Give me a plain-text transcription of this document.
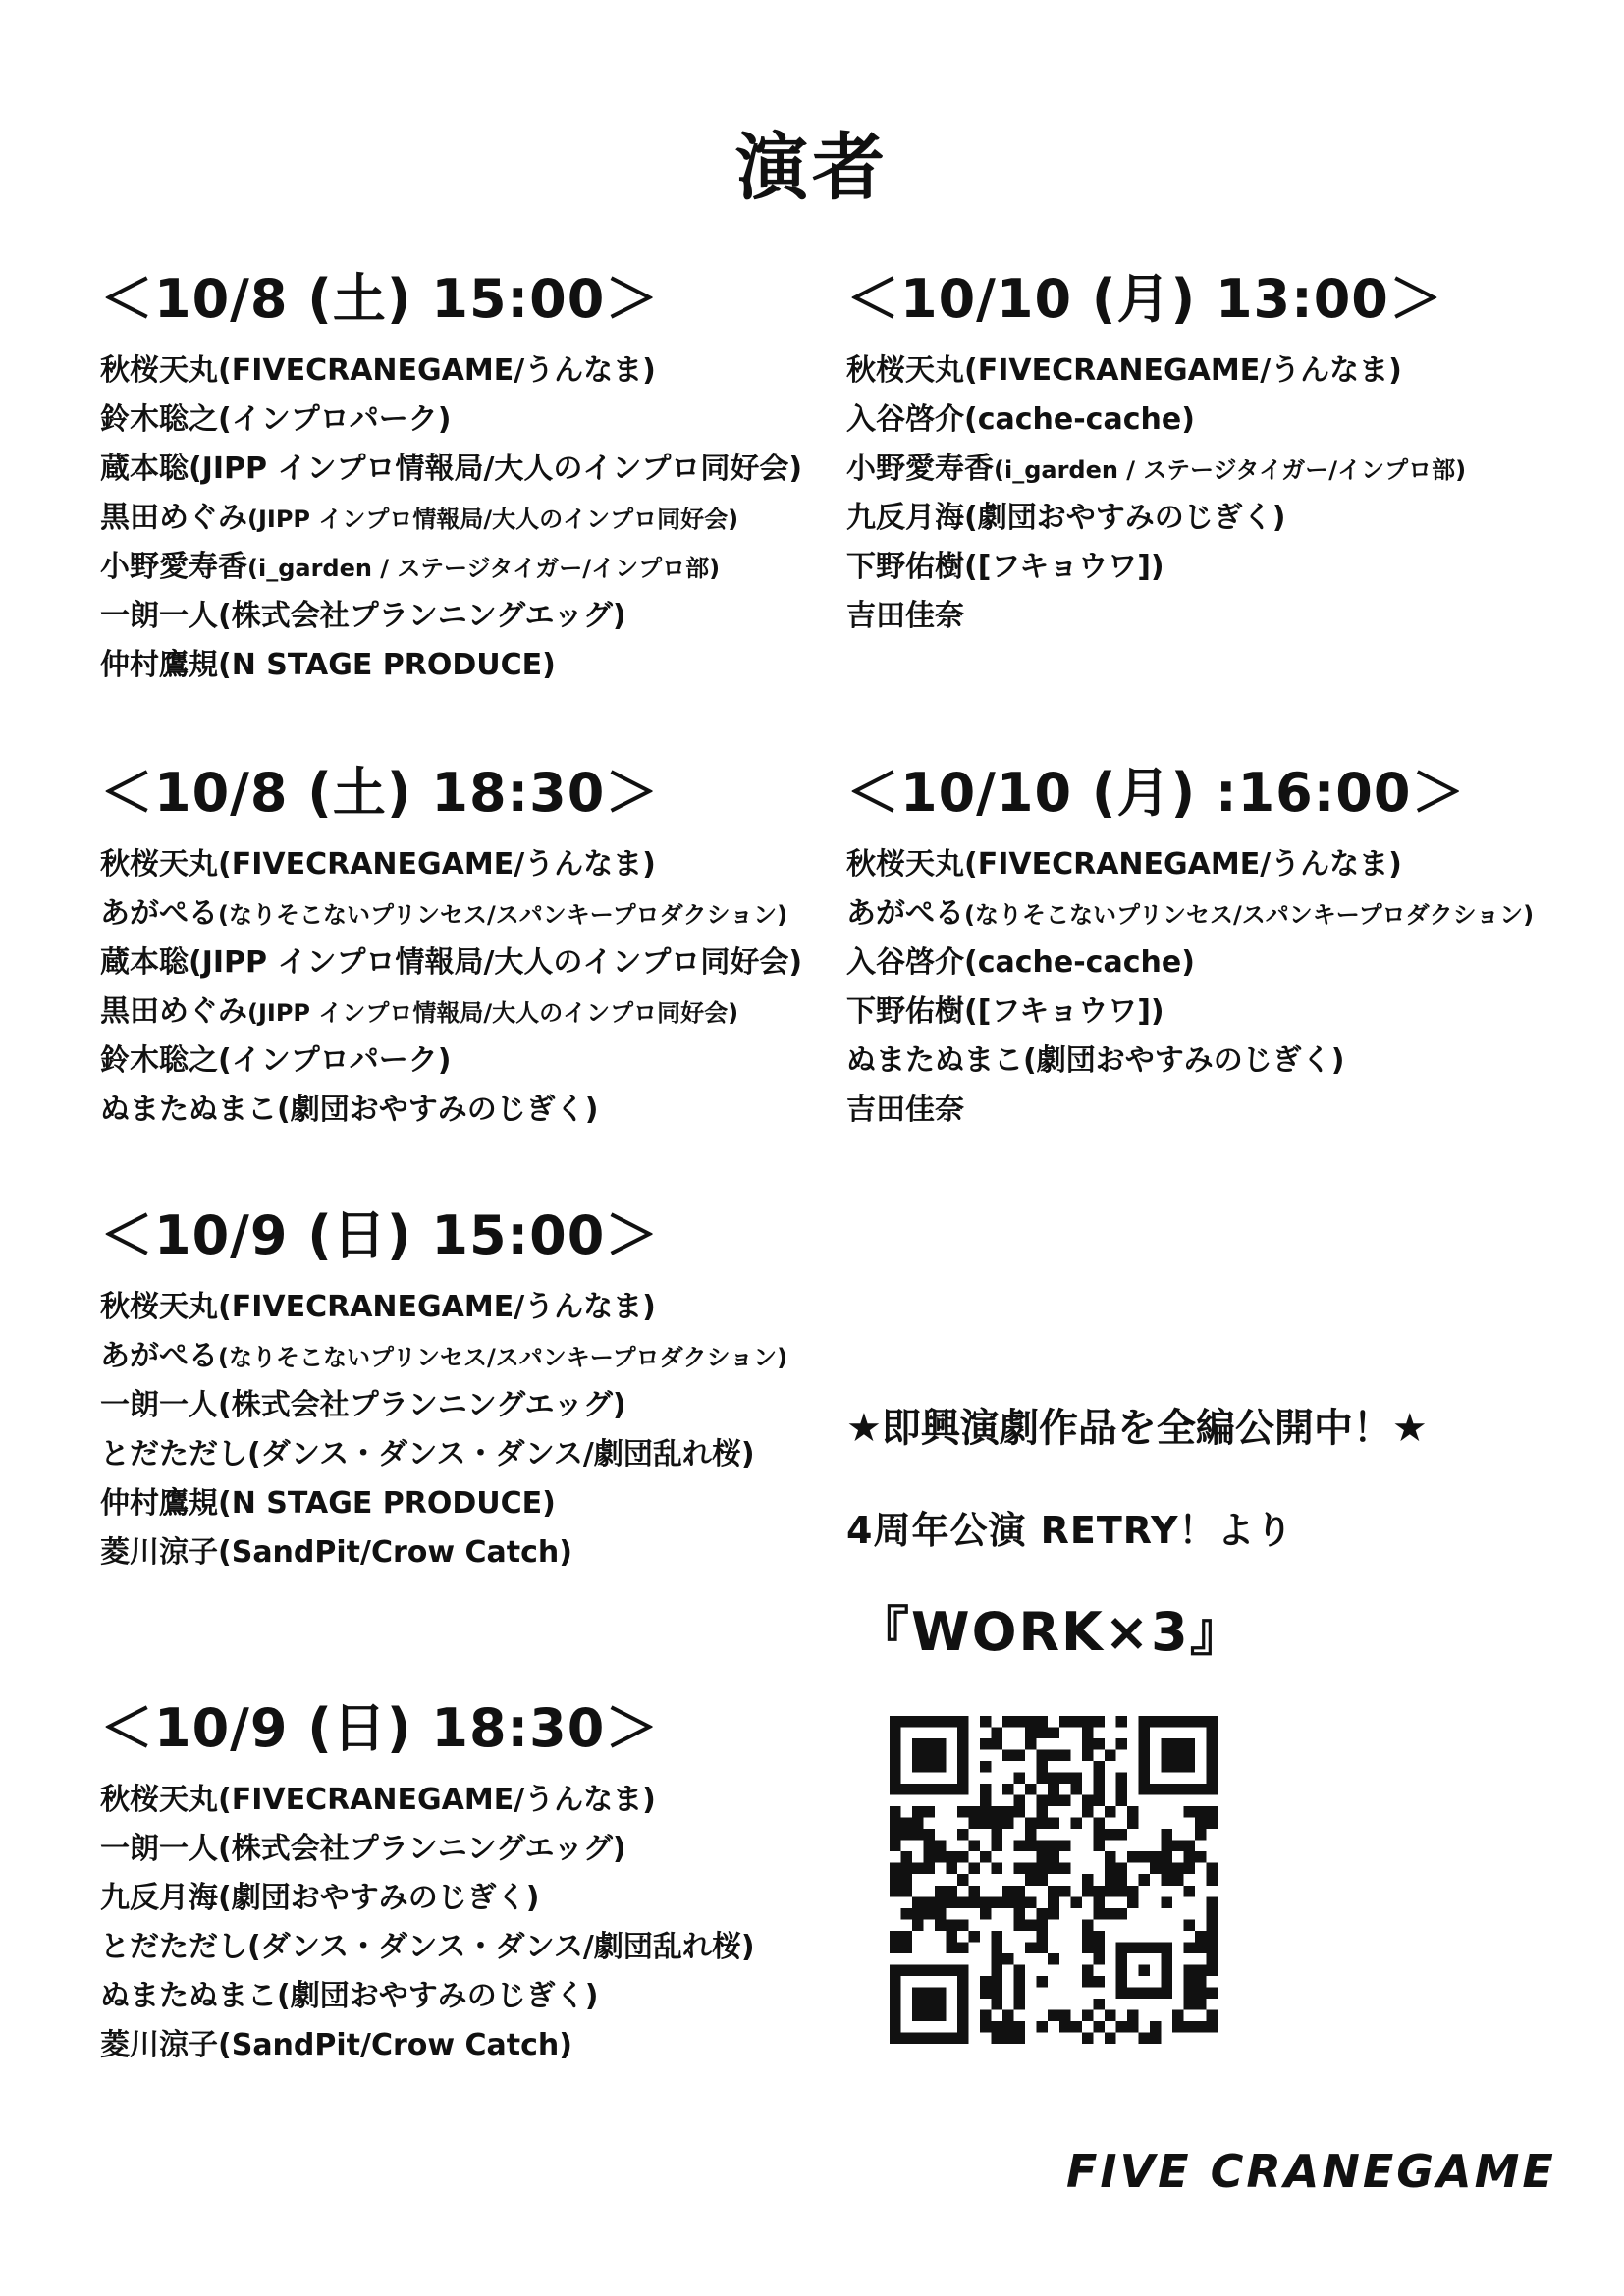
演者
＜10/8 (土) 15:00＞
秋桜天丸(FIVECRANEGAME/うんなま)
鈴木聡之(インプロパーク)
蔵本聡(JIPP インプロ情報局/大人のインプロ同好会)
黒田めぐみ(JIPP インプロ情報局/大人のインプロ同好会)
小野愛寿香(i_garden / ステージタイガー/インプロ部)
一朗一人(株式会社プランニングエッグ)
仲村鷹規(N STAGE PRODUCE)
＜10/10 (月) 13:00＞
秋桜天丸(FIVECRANEGAME/うんなま)
入谷啓介(cache-cache)
小野愛寿香(i_garden / ステージタイガー/インプロ部)
九反月海(劇団おやすみのじぎく)
下野佑樹([フキョウワ])
吉田佳奈
＜10/8 (土) 18:30＞
秋桜天丸(FIVECRANEGAME/うんなま)
あがぺる(なりそこないプリンセス/スパンキープロダクション)
蔵本聡(JIPP インプロ情報局/大人のインプロ同好会)
黒田めぐみ(JIPP インプロ情報局/大人のインプロ同好会)
鈴木聡之(インプロパーク)
ぬまたぬまこ(劇団おやすみのじぎく)
＜10/10 (月) :16:00＞
秋桜天丸(FIVECRANEGAME/うんなま)
あがぺる(なりそこないプリンセス/スパンキープロダクション)
入谷啓介(cache-cache)
下野佑樹([フキョウワ])
ぬまたぬまこ(劇団おやすみのじぎく)
吉田佳奈
＜10/9 (日) 15:00＞
秋桜天丸(FIVECRANEGAME/うんなま)
あがぺる(なりそこないプリンセス/スパンキープロダクション)
一朗一人(株式会社プランニングエッグ)
とだただし(ダンス・ダンス・ダンス/劇団乱れ桜)
仲村鷹規(N STAGE PRODUCE)
菱川涼子(SandPit/Crow Catch)
＜10/9 (日) 18:30＞
秋桜天丸(FIVECRANEGAME/うんなま)
一朗一人(株式会社プランニングエッグ)
九反月海(劇団おやすみのじぎく)
とだただし(ダンス・ダンス・ダンス/劇団乱れ桜)
ぬまたぬまこ(劇団おやすみのじぎく)
菱川涼子(SandPit/Crow Catch)
★即興演劇作品を全編公開中！★
4周年公演 RETRY！より
『WORK×3』
FIVE CRANEGAME
